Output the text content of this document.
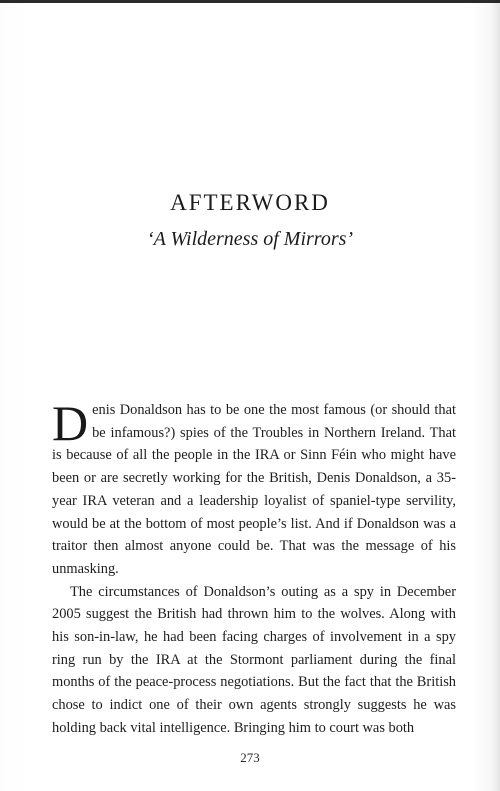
AFTERWORD
‘A Wilderness of Mirrors’

Denis Donaldson has to be one the most famous (or should that be infamous?) spies of the Troubles in Northern Ireland. That is because of all the people in the IRA or Sinn Féin who might have been or are secretly working for the British, Denis Donaldson, a 35-year IRA veteran and a leadership loyalist of spaniel-type servility, would be at the bottom of most people’s list. And if Donaldson was a traitor then almost anyone could be. That was the message of his unmasking.

The circumstances of Donaldson’s outing as a spy in December 2005 suggest the British had thrown him to the wolves. Along with his son-in-law, he had been facing charges of involvement in a spy ring run by the IRA at the Stormont parliament during the final months of the peace-process negotiations. But the fact that the British chose to indict one of their own agents strongly suggests he was holding back vital intelligence. Bringing him to court was both

273
